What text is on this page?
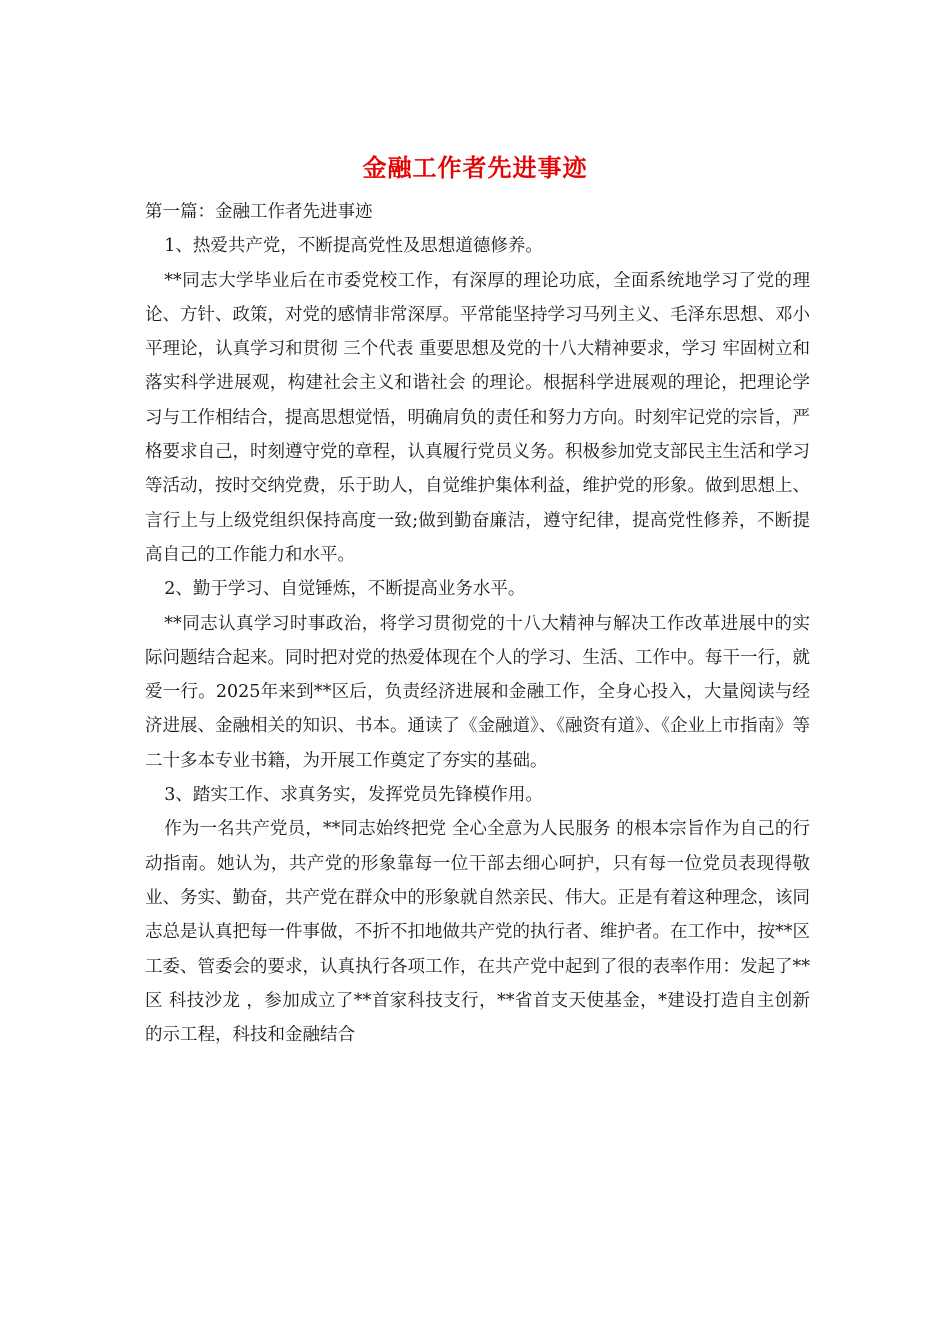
金融工作者先进事迹

第一篇：金融工作者先进事迹

1、热爱共产党，不断提高党性及思想道德修养。

**同志大学毕业后在市委党校工作，有深厚的理论功底，全面系统地学习了党的理论、方针、政策，对党的感情非常深厚。平常能坚持学习马列主义、毛泽东思想、邓小平理论，认真学习和贯彻 三个代表 重要思想及党的十八大精神要求，学习 牢固树立和落实科学进展观，构建社会主义和谐社会 的理论。根据科学进展观的理论，把理论学习与工作相结合，提高思想觉悟，明确肩负的责任和努力方向。时刻牢记党的宗旨，严格要求自己，时刻遵守党的章程，认真履行党员义务。积极参加党支部民主生活和学习等活动，按时交纳党费，乐于助人，自觉维护集体利益，维护党的形象。做到思想上、言行上与上级党组织保持高度一致;做到勤奋廉洁，遵守纪律，提高党性修养，不断提高自己的工作能力和水平。

2、勤于学习、自觉锤炼，不断提高业务水平。

**同志认真学习时事政治，将学习贯彻党的十八大精神与解决工作改革进展中的实际问题结合起来。同时把对党的热爱体现在个人的学习、生活、工作中。每干一行，就爱一行。2025年来到**区后，负责经济进展和金融工作，全身心投入，大量阅读与经济进展、金融相关的知识、书本。通读了《金融道》、《融资有道》、《企业上市指南》等二十多本专业书籍，为开展工作奠定了夯实的基础。

3、踏实工作、求真务实，发挥党员先锋模作用。

作为一名共产党员，**同志始终把党 全心全意为人民服务 的根本宗旨作为自己的行动指南。她认为，共产党的形象靠每一位干部去细心呵护，只有每一位党员表现得敬业、务实、勤奋，共产党在群众中的形象就自然亲民、伟大。正是有着这种理念，该同志总是认真把每一件事做，不折不扣地做共产党的执行者、维护者。在工作中，按**区工委、管委会的要求，认真执行各项工作，在共产党中起到了很的表率作用：发起了**区 科技沙龙 ，参加成立了**首家科技支行，**省首支天使基金，*建设打造自主创新的示工程，科技和金融结合
